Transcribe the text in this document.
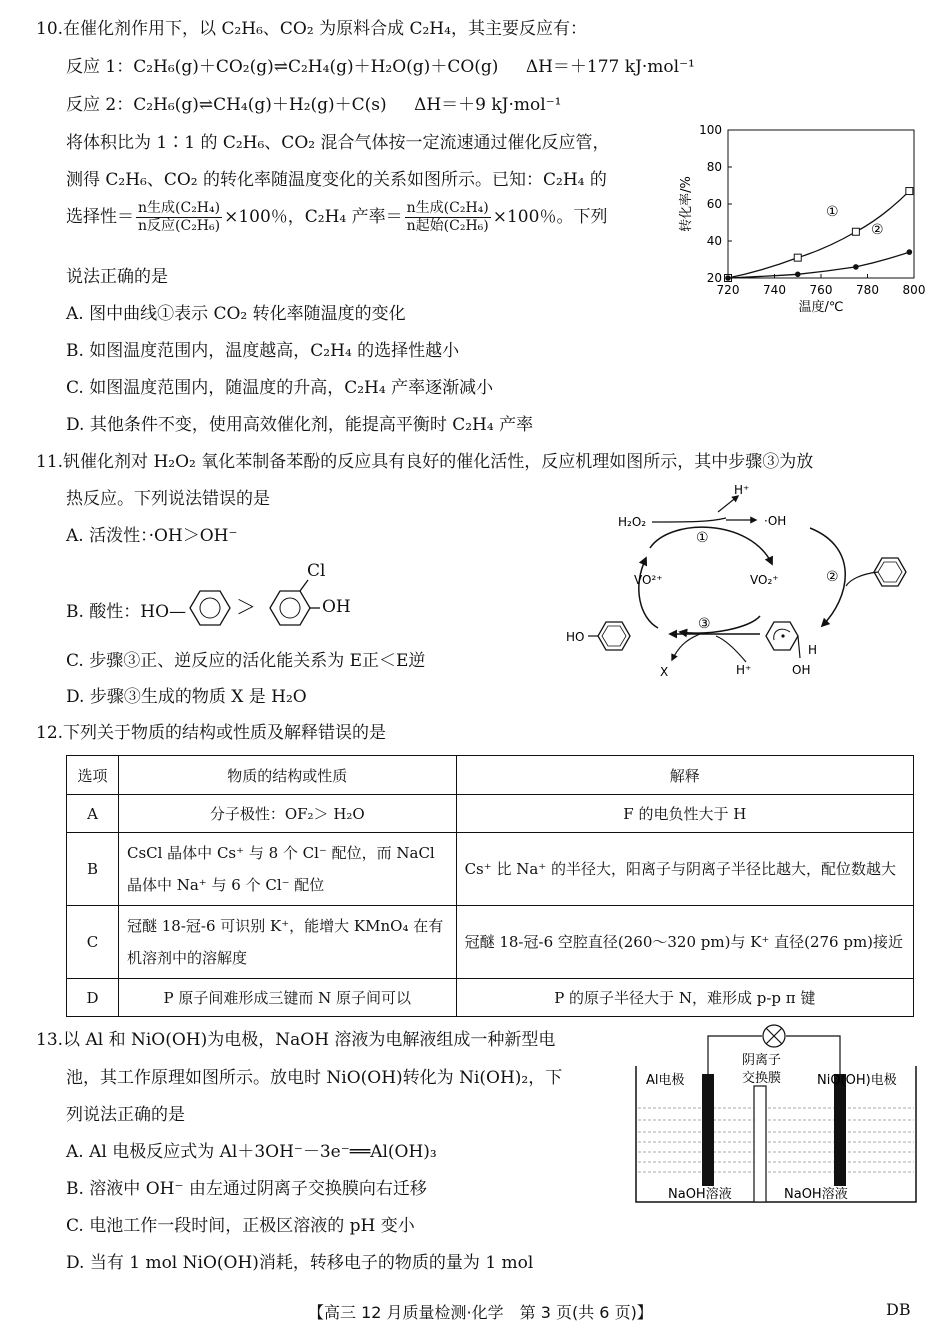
10.在催化剂作用下，以 C₂H₆、CO₂ 为原料合成 C₂H₄，其主要反应有：
反应 1：C₂H₆(g)＋CO₂(g)⇌C₂H₄(g)＋H₂O(g)＋CO(g) ΔH＝＋177 kJ·mol⁻¹
反应 2：C₂H₆(g)⇌CH₄(g)＋H₂(g)＋C(s) ΔH＝＋9 kJ·mol⁻¹
将体积比为 1∶1 的 C₂H₆、CO₂ 混合气体按一定流速通过催化反应管，
测得 C₂H₆、CO₂ 的转化率随温度变化的关系如图所示。已知：C₂H₄ 的
选择性＝ $\frac{\text{n生成(C₂H₄)}}{\text{n反应(C₂H₆)}} \times 100$％，C₂H₄ 产率＝ $\frac{\text{n生成(C₂H₄)}}{\text{n起始(C₂H₆)}} \times 100$％。下列
说法正确的是
A. 图中曲线①表示 CO₂ 转化率随温度的变化
B. 如图温度范围内，温度越高，C₂H₄ 的选择性越小
C. 如图温度范围内，随温度的升高，C₂H₄ 产率逐渐减小
D. 其他条件不变，使用高效催化剂，能提高平衡时 C₂H₄ 产率
20
40
60
80
100
720 740 760 780 800
温度/℃
转化率/%	①
②
11.钒催化剂对 H₂O₂ 氧化苯制备苯酚的反应具有良好的催化活性，反应机理如图所示，其中步骤③为放
热反应。下列说法错误的是
A. 活泼性：·OH＞OH⁻
B. 酸性：HO— ＞
Cl
OH
C. 步骤③正、逆反应的活化能关系为 E正＜E逆
D. 步骤③生成的物质 X 是 H₂O
H⁺
H₂O₂	·OH
①
②
③
VO²⁺	VO₂⁺
HO
X	H⁺
H
OH
12.下列关于物质的结构或性质及解释错误的是
选项	物质的结构或性质	解释
A	分子极性：OF₂＞ H₂O	F 的电负性大于 H
B	CsCl 晶体中 Cs⁺ 与 8 个 Cl⁻ 配位，而 NaCl 晶体中 Na⁺ 与 6 个 Cl⁻ 配位	Cs⁺ 比 Na⁺ 的半径大，阳离子与阴离子半径比越大，配位数越大
C	冠醚 18-冠-6 可识别 K⁺，能增大 KMnO₄ 在有机溶剂中的溶解度	冠醚 18-冠-6 空腔直径(260～320 pm)与 K⁺ 直径(276 pm)接近
D	P 原子间难形成三键而 N 原子间可以	P 的原子半径大于 N，难形成 p-p π 键
13.以 Al 和 NiO(OH)为电极，NaOH 溶液为电解液组成一种新型电
池，其工作原理如图所示。放电时 NiO(OH)转化为 Ni(OH)₂，下
列说法正确的是
A. Al 电极反应式为 Al＋3OH⁻－3e⁻══Al(OH)₃
B. 溶液中 OH⁻ 由左通过阴离子交换膜向右迁移
C. 电池工作一段时间，正极区溶液的 pH 变小
D. 当有 1 mol NiO(OH)消耗，转移电子的物质的量为 1 mol
阴离子
交换膜
Al电极	NiO(OH)电极
NaOH溶液	NaOH溶液
【高三 12 月质量检测·化学　第 3 页(共 6 页)】	DB
